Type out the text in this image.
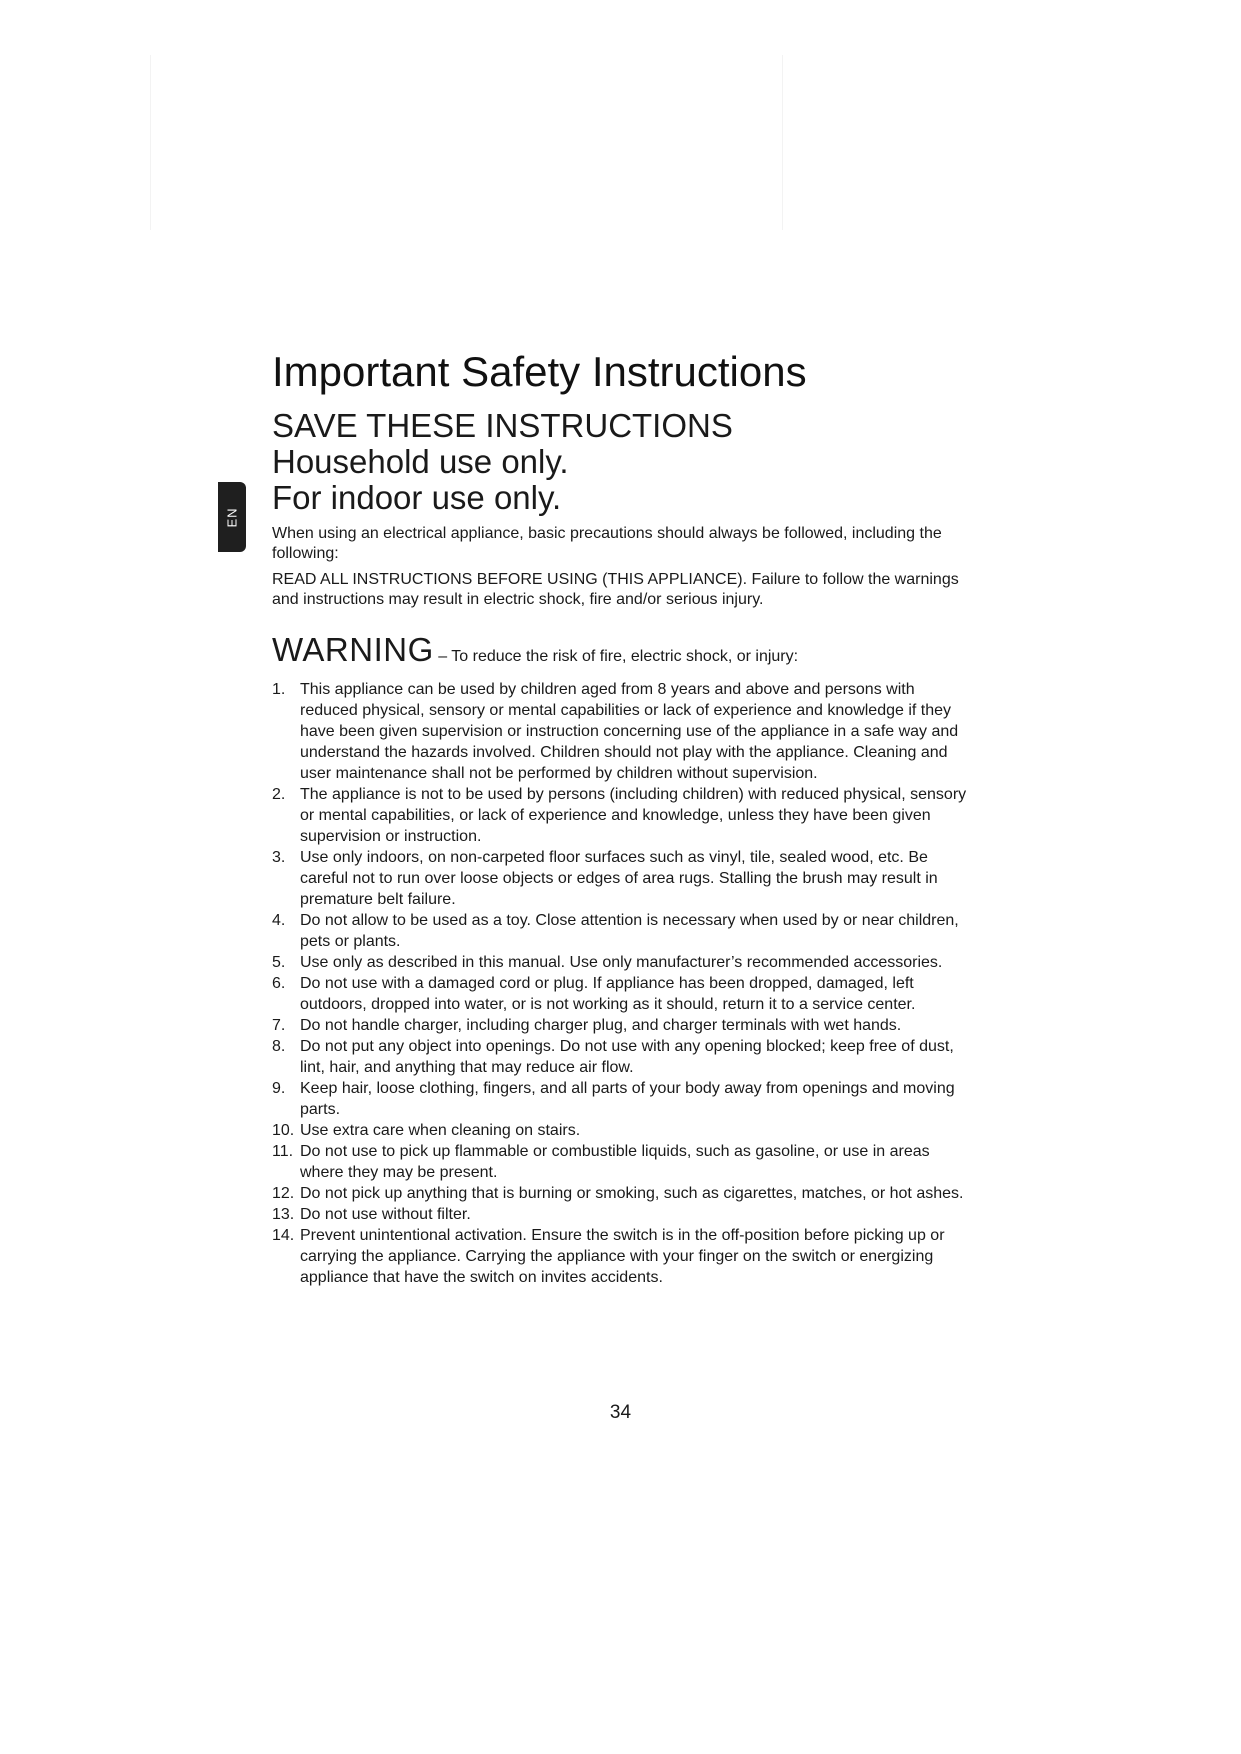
EN
Important Safety Instructions

SAVE THESE INSTRUCTIONS

Household use only.

For indoor use only.

When using an electrical appliance, basic precautions should always be followed, including the following:

READ ALL INSTRUCTIONS BEFORE USING (THIS APPLIANCE). Failure to follow the warnings and instructions may result in electric shock, fire and/or serious injury.

WARNING – To reduce the risk of fire, electric shock, or injury:
1. This appliance can be used by children aged from 8 years and above and persons with reduced physical, sensory or mental capabilities or lack of experience and knowledge if they have been given supervision or instruction concerning use of the appliance in a safe way and understand the hazards involved. Children should not play with the appliance. Cleaning and user maintenance shall not be performed by children without supervision.
2. The appliance is not to be used by persons (including children) with reduced physical, sensory or mental capabilities, or lack of experience and knowledge, unless they have been given supervision or instruction.
3. Use only indoors, on non-carpeted floor surfaces such as vinyl, tile, sealed wood, etc. Be careful not to run over loose objects or edges of area rugs. Stalling the brush may result in premature belt failure.
4. Do not allow to be used as a toy. Close attention is necessary when used by or near children, pets or plants.
5. Use only as described in this manual. Use only manufacturer’s recommended accessories.
6. Do not use with a damaged cord or plug. If appliance has been dropped, damaged, left outdoors, dropped into water, or is not working as it should, return it to a service center.
7. Do not handle charger, including charger plug, and charger terminals with wet hands.
8. Do not put any object into openings. Do not use with any opening blocked; keep free of dust, lint, hair, and anything that may reduce air flow.
9. Keep hair, loose clothing, fingers, and all parts of your body away from openings and moving parts.
10. Use extra care when cleaning on stairs.
11. Do not use to pick up flammable or combustible liquids, such as gasoline, or use in areas where they may be present.
12. Do not pick up anything that is burning or smoking, such as cigarettes, matches, or hot ashes.
13. Do not use without filter.
14. Prevent unintentional activation. Ensure the switch is in the off-position before picking up or carrying the appliance. Carrying the appliance with your finger on the switch or energizing appliance that have the switch on invites accidents.
34
